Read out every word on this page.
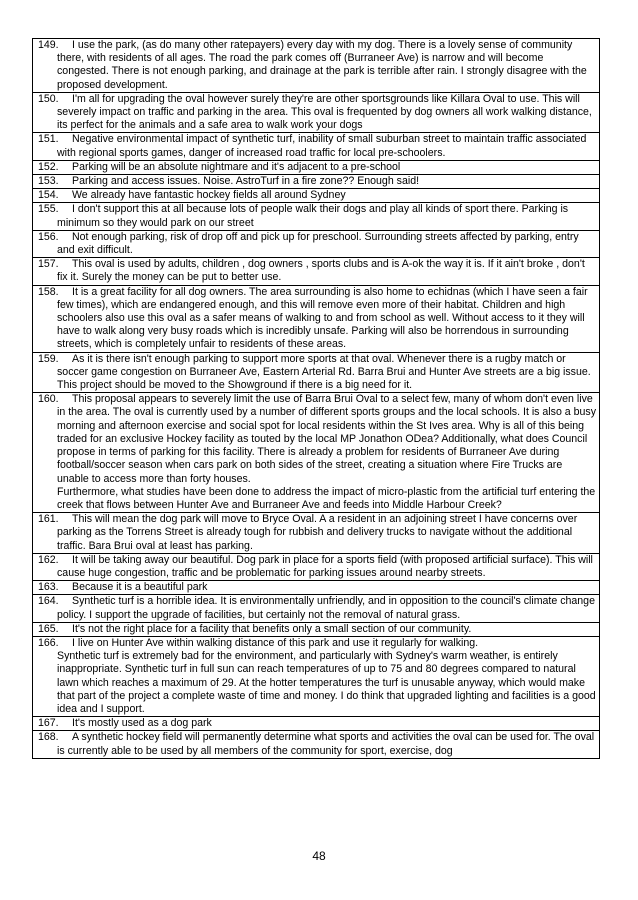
149. I use the park, (as do many other ratepayers) every day with my dog. There is a lovely sense of community there, with residents of all ages. The road the park comes off (Burraneer Ave) is narrow and will become congested. There is not enough parking, and drainage at the park is terrible after rain. I strongly disagree with the proposed development.

150. I'm all for upgrading the oval however surely they're are other sportsgrounds like Killara Oval to use. This will severely impact on traffic and parking in the area. This oval is frequented by dog owners all work walking distance, its perfect for the animals and a safe area to walk work your dogs

151. Negative environmental impact of synthetic turf, inability of small suburban street to maintain traffic associated with regional sports games, danger of increased road traffic for local pre-schoolers.

152. Parking will be an absolute nightmare and it's adjacent to a pre-school

153. Parking and access issues. Noise. AstroTurf in a fire zone?? Enough said!

154. We already have fantastic hockey fields all around Sydney

155. I don't support this at all because lots of people walk their dogs and play all kinds of sport there. Parking is minimum so they would park on our street

156. Not enough parking, risk of drop off and pick up for preschool. Surrounding streets affected by parking, entry and exit difficult.

157. This oval is used by adults, children , dog owners , sports clubs and is A-ok the way it is. If it ain't broke , don't fix it. Surely the money can be put to better use.

158. It is a great facility for all dog owners. The area surrounding is also home to echidnas (which I have seen a fair few times), which are endangered enough, and this will remove even more of their habitat. Children and high schoolers also use this oval as a safer means of walking to and from school as well. Without access to it they will have to walk along very busy roads which is incredibly unsafe. Parking will also be horrendous in surrounding streets, which is completely unfair to residents of these areas.

159. As it is there isn't enough parking to support more sports at that oval. Whenever there is a rugby match or soccer game congestion on Burraneer Ave, Eastern Arterial Rd. Barra Brui and Hunter Ave streets are a big issue. This project should be moved to the Showground if there is a big need for it.

160. This proposal appears to severely limit the use of Barra Brui Oval to a select few, many of whom don't even live in the area. The oval is currently used by a number of different sports groups and the local schools. It is also a busy morning and afternoon exercise and social spot for local residents within the St Ives area. Why is all of this being traded for an exclusive Hockey facility as touted by the local MP Jonathon ODea? Additionally, what does Council propose in terms of parking for this facility. There is already a problem for residents of Burraneer Ave during football/soccer season when cars park on both sides of the street, creating a situation where Fire Trucks are unable to access more than forty houses.
Furthermore, what studies have been done to address the impact of micro-plastic from the artificial turf entering the creek that flows between Hunter Ave and Burraneer Ave and feeds into Middle Harbour Creek?

161. This will mean the dog park will move to Bryce Oval. A a resident in an adjoining street I have concerns over parking as the Torrens Street is already tough for rubbish and delivery trucks to navigate without the additional traffic. Bara Brui oval at least has parking.

162. It will be taking away our beautiful. Dog park in place for a sports field (with proposed artificial surface). This will cause huge congestion, traffic and be problematic for parking issues around nearby streets.

163. Because it is a beautiful park

164. Synthetic turf is a horrible idea. It is environmentally unfriendly, and in opposition to the council's climate change policy. I support the upgrade of facilities, but certainly not the removal of natural grass.

165. It's not the right place for a facility that benefits only a small section of our community.

166. I live on Hunter Ave within walking distance of this park and use it regularly for walking.
Synthetic turf is extremely bad for the environment, and particularly with Sydney's warm weather, is entirely inappropriate. Synthetic turf in full sun can reach temperatures of up to 75 and 80 degrees compared to natural lawn which reaches a maximum of 29. At the hotter temperatures the turf is unusable anyway, which would make that part of the project a complete waste of time and money. I do think that upgraded lighting and facilities is a good idea and I support.

167. It's mostly used as a dog park

168. A synthetic hockey field will permanently determine what sports and activities the oval can be used for. The oval is currently able to be used by all members of the community for sport, exercise, dog
48
